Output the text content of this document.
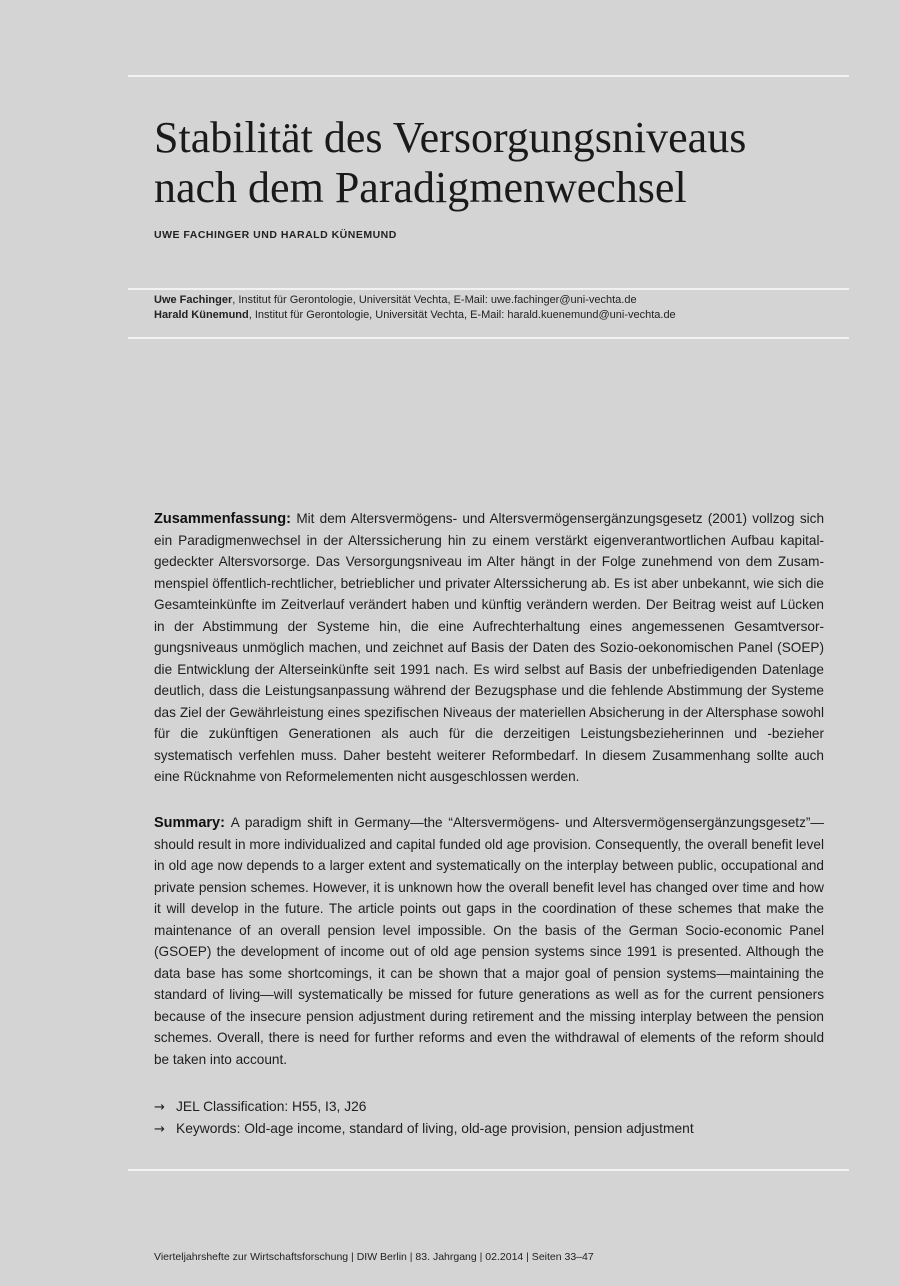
Stabilität des Versorgungsniveaus
nach dem Paradigmenwechsel
UWE FACHINGER UND HARALD KÜNEMUND
Uwe Fachinger, Institut für Gerontologie, Universität Vechta, E-Mail: uwe.fachinger@uni-vechta.de
Harald Künemund, Institut für Gerontologie, Universität Vechta, E-Mail: harald.kuenemund@uni-vechta.de
Zusammenfassung: Mit dem Altersvermögens- und Altersvermögensergänzungsgesetz (2001) vollzog sich ein Paradigmenwechsel in der Alterssicherung hin zu einem verstärkt eigenverantwortlichen Aufbau kapitalgedeckter Altersvorsorge. Das Versorgungsniveau im Alter hängt in der Folge zunehmend von dem Zusammenspiel öffentlich-rechtlicher, betrieblicher und privater Alterssicherung ab. Es ist aber unbekannt, wie sich die Gesamteinkünfte im Zeitverlauf verändert haben und künftig verändern werden. Der Beitrag weist auf Lücken in der Abstimmung der Systeme hin, die eine Aufrechterhaltung eines angemessenen Gesamtversorgungsniveaus unmöglich machen, und zeichnet auf Basis der Daten des Sozio-oekonomischen Panel (SOEP) die Entwicklung der Alterseinkünfte seit 1991 nach. Es wird selbst auf Basis der unbefriedigenden Datenlage deutlich, dass die Leistungsanpassung während der Bezugsphase und die fehlende Abstimmung der Systeme das Ziel der Gewährleistung eines spezifischen Niveaus der materiellen Absicherung in der Altersphase sowohl für die zukünftigen Generationen als auch für die derzeitigen Leistungsbezieherinnen und -bezieher systematisch verfehlen muss. Daher besteht weiterer Reformbedarf. In diesem Zusammenhang sollte auch eine Rücknahme von Reformelementen nicht ausgeschlossen werden.
Summary: A paradigm shift in Germany—the “Altersvermögens- und Altersvermögensergänzungsgesetz”—should result in more individualized and capital funded old age provision. Consequently, the overall benefit level in old age now depends to a larger extent and systematically on the interplay between public, occupational and private pension schemes. However, it is unknown how the overall benefit level has changed over time and how it will develop in the future. The article points out gaps in the coordination of these schemes that make the maintenance of an overall pension level impossible. On the basis of the German Socio-economic Panel (GSOEP) the development of income out of old age pension systems since 1991 is presented. Although the data base has some shortcomings, it can be shown that a major goal of pension systems—maintaining the standard of living—will systematically be missed for future generations as well as for the current pensioners because of the insecure pension adjustment during retirement and the missing interplay between the pension schemes. Overall, there is need for further reforms and even the withdrawal of elements of the reform should be taken into account.
→ JEL Classification: H55, I3, J26
→ Keywords: Old-age income, standard of living, old-age provision, pension adjustment
Vierteljahrshefte zur Wirtschaftsforschung | DIW Berlin | 83. Jahrgang | 02.2014 | Seiten 33–47
